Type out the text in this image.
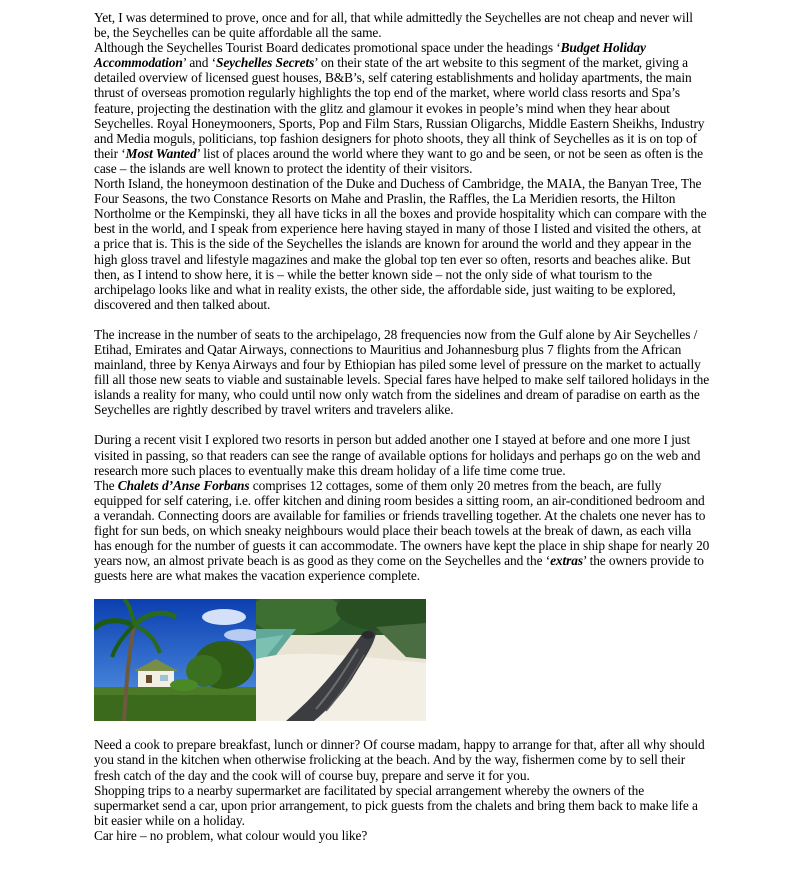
Yet, I was determined to prove, once and for all, that while admittedly the Seychelles are not cheap and never will be, the Seychelles can be quite affordable all the same.

Although the Seychelles Tourist Board dedicates promotional space under the headings ‘Budget Holiday Accommodation’ and ‘Seychelles Secrets’ on their state of the art website to this segment of the market, giving a detailed overview of licensed guest houses, B&B’s, self catering establishments and holiday apartments, the main thrust of overseas promotion regularly highlights the top end of the market, where world class resorts and Spa’s feature, projecting the destination with the glitz and glamour it evokes in people’s mind when they hear about Seychelles. Royal Honeymooners, Sports, Pop and Film Stars, Russian Oligarchs, Middle Eastern Sheikhs, Industry and Media moguls, politicians, top fashion designers for photo shoots, they all think of Seychelles as it is on top of their ‘Most Wanted’ list of places around the world where they want to go and be seen, or not be seen as often is the case – the islands are well known to protect the identity of their visitors.

North Island, the honeymoon destination of the Duke and Duchess of Cambridge, the MAIA, the Banyan Tree, The Four Seasons, the two Constance Resorts on Mahe and Praslin, the Raffles, the La Meridien resorts, the Hilton Northolme or the Kempinski, they all have ticks in all the boxes and provide hospitality which can compare with the best in the world, and I speak from experience here having stayed in many of those I listed and visited the others, at a price that is. This is the side of the Seychelles the islands are known for around the world and they appear in the high gloss travel and lifestyle magazines and make the global top ten ever so often, resorts and beaches alike. But then, as I intend to show here, it is – while the better known side – not the only side of what tourism to the archipelago looks like and what in reality exists, the other side, the affordable side, just waiting to be explored, discovered and then talked about.

The increase in the number of seats to the archipelago, 28 frequencies now from the Gulf alone by Air Seychelles / Etihad, Emirates and Qatar Airways, connections to Mauritius and Johannesburg plus 7 flights from the African mainland, three by Kenya Airways and four by Ethiopian has piled some level of pressure on the market to actually fill all those new seats to viable and sustainable levels. Special fares have helped to make self tailored holidays in the islands a reality for many, who could until now only watch from the sidelines and dream of paradise on earth as the Seychelles are rightly described by travel writers and travelers alike.

During a recent visit I explored two resorts in person but added another one I stayed at before and one more I just visited in passing, so that readers can see the range of available options for holidays and perhaps go on the web and research more such places to eventually make this dream holiday of a life time come true.

The Chalets d’Anse Forbans comprises 12 cottages, some of them only 20 metres from the beach, are fully equipped for self catering, i.e. offer kitchen and dining room besides a sitting room, an air-conditioned bedroom and a verandah. Connecting doors are available for families or friends travelling together. At the chalets one never has to fight for sun beds, on which sneaky neighbours would place their beach towels at the break of dawn, as each villa has enough for the number of guests it can accommodate. The owners have kept the place in ship shape for nearly 20 years now, an almost private beach is as good as they come on the Seychelles and the ‘extras’ the owners provide to guests here are what makes the vacation experience complete.

Need a cook to prepare breakfast, lunch or dinner? Of course madam, happy to arrange for that, after all why should you stand in the kitchen when otherwise frolicking at the beach. And by the way, fishermen come by to sell their fresh catch of the day and the cook will of course buy, prepare and serve it for you.

Shopping trips to a nearby supermarket are facilitated by special arrangement whereby the owners of the supermarket send a car, upon prior arrangement, to pick guests from the chalets and bring them back to make life a bit easier while on a holiday.

Car hire – no problem, what colour would you like?
